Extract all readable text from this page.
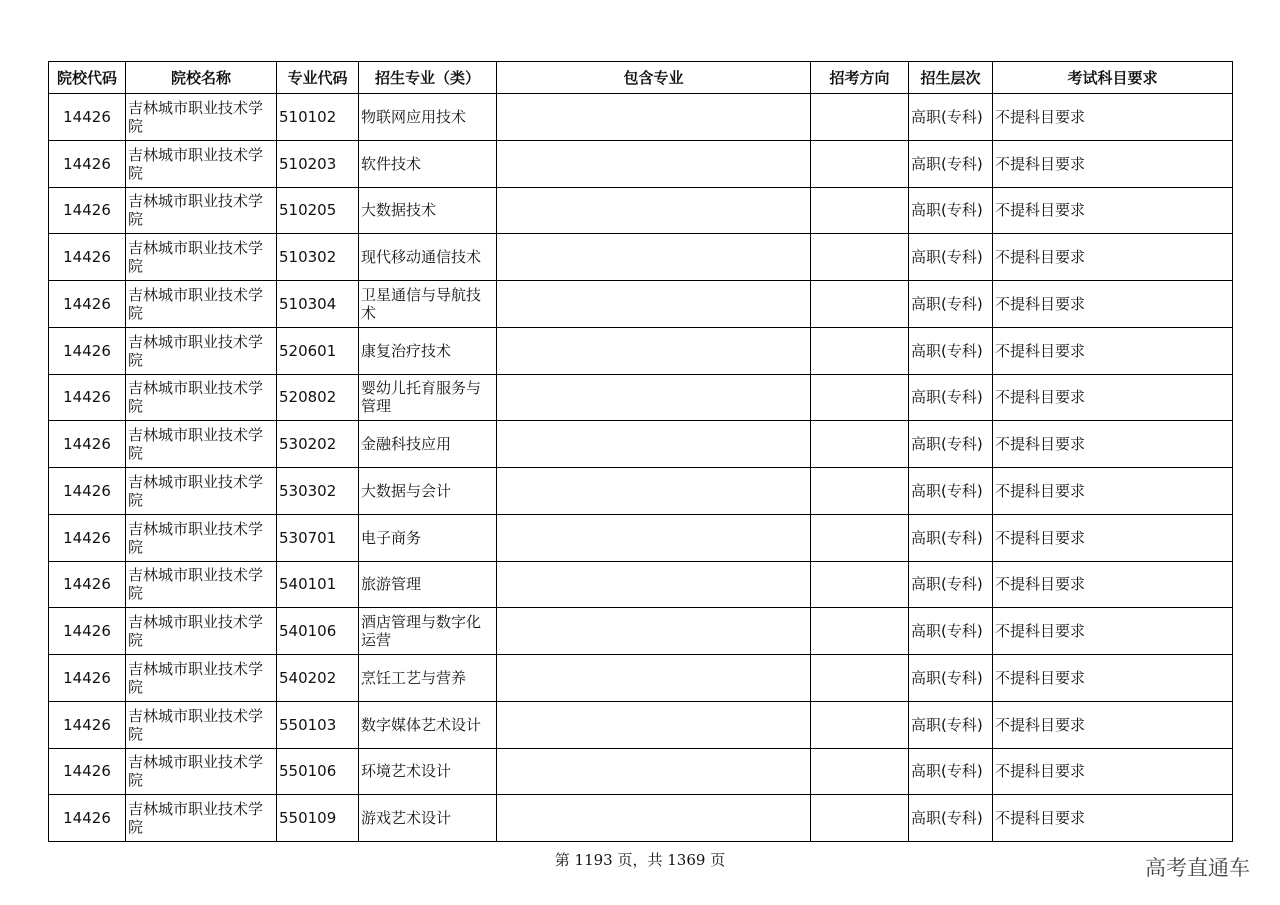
院校代码	院校名称	专业代码	招生专业（类）	包含专业	招考方向	招生层次	考试科目要求
14426	吉林城市职业技术学院	510102	物联网应用技术			高职(专科)	不提科目要求
14426	吉林城市职业技术学院	510203	软件技术			高职(专科)	不提科目要求
14426	吉林城市职业技术学院	510205	大数据技术			高职(专科)	不提科目要求
14426	吉林城市职业技术学院	510302	现代移动通信技术			高职(专科)	不提科目要求
14426	吉林城市职业技术学院	510304	卫星通信与导航技术			高职(专科)	不提科目要求
14426	吉林城市职业技术学院	520601	康复治疗技术			高职(专科)	不提科目要求
14426	吉林城市职业技术学院	520802	婴幼儿托育服务与管理			高职(专科)	不提科目要求
14426	吉林城市职业技术学院	530202	金融科技应用			高职(专科)	不提科目要求
14426	吉林城市职业技术学院	530302	大数据与会计			高职(专科)	不提科目要求
14426	吉林城市职业技术学院	530701	电子商务			高职(专科)	不提科目要求
14426	吉林城市职业技术学院	540101	旅游管理			高职(专科)	不提科目要求
14426	吉林城市职业技术学院	540106	酒店管理与数字化运营			高职(专科)	不提科目要求
14426	吉林城市职业技术学院	540202	烹饪工艺与营养			高职(专科)	不提科目要求
14426	吉林城市职业技术学院	550103	数字媒体艺术设计			高职(专科)	不提科目要求
14426	吉林城市职业技术学院	550106	环境艺术设计			高职(专科)	不提科目要求
14426	吉林城市职业技术学院	550109	游戏艺术设计			高职(专科)	不提科目要求
第 1193 页，共 1369 页	高考直通车
